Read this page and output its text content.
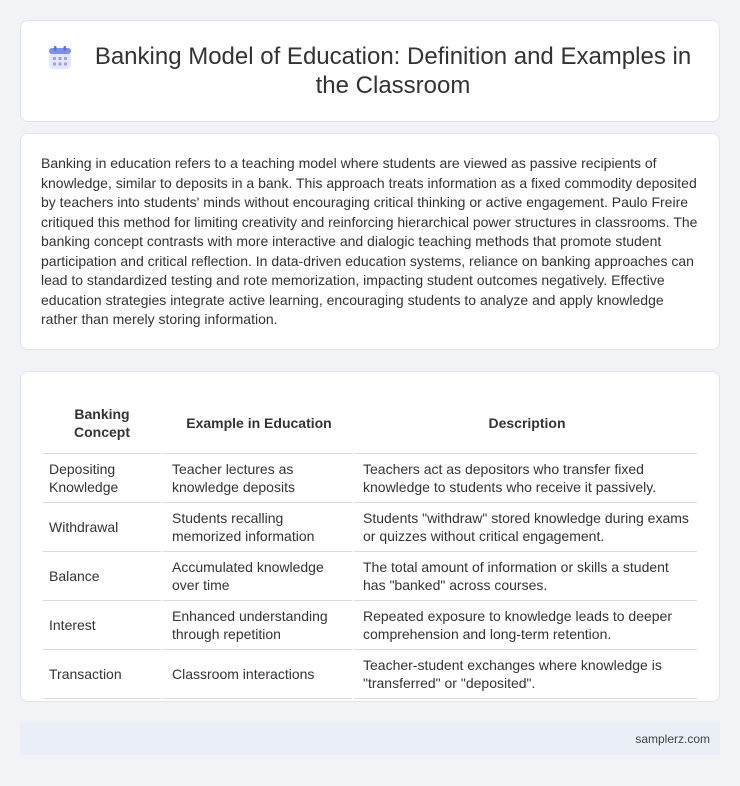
Banking Model of Education: Definition and Examples in the Classroom

Banking in education refers to a teaching model where students are viewed as passive recipients of knowledge, similar to deposits in a bank. This approach treats information as a fixed commodity deposited by teachers into students' minds without encouraging critical thinking or active engagement. Paulo Freire critiqued this method for limiting creativity and reinforcing hierarchical power structures in classrooms. The banking concept contrasts with more interactive and dialogic teaching methods that promote student participation and critical reflection. In data-driven education systems, reliance on banking approaches can lead to standardized testing and rote memorization, impacting student outcomes negatively. Effective education strategies integrate active learning, encouraging students to analyze and apply knowledge rather than merely storing information.

Banking Concept	Example in Education	Description
Depositing Knowledge	Teacher lectures as knowledge deposits	Teachers act as depositors who transfer fixed knowledge to students who receive it passively.
Withdrawal	Students recalling memorized information	Students "withdraw" stored knowledge during exams or quizzes without critical engagement.
Balance	Accumulated knowledge over time	The total amount of information or skills a student has "banked" across courses.
Interest	Enhanced understanding through repetition	Repeated exposure to knowledge leads to deeper comprehension and long-term retention.
Transaction	Classroom interactions	Teacher-student exchanges where knowledge is "transferred" or "deposited".
samplerz.com
